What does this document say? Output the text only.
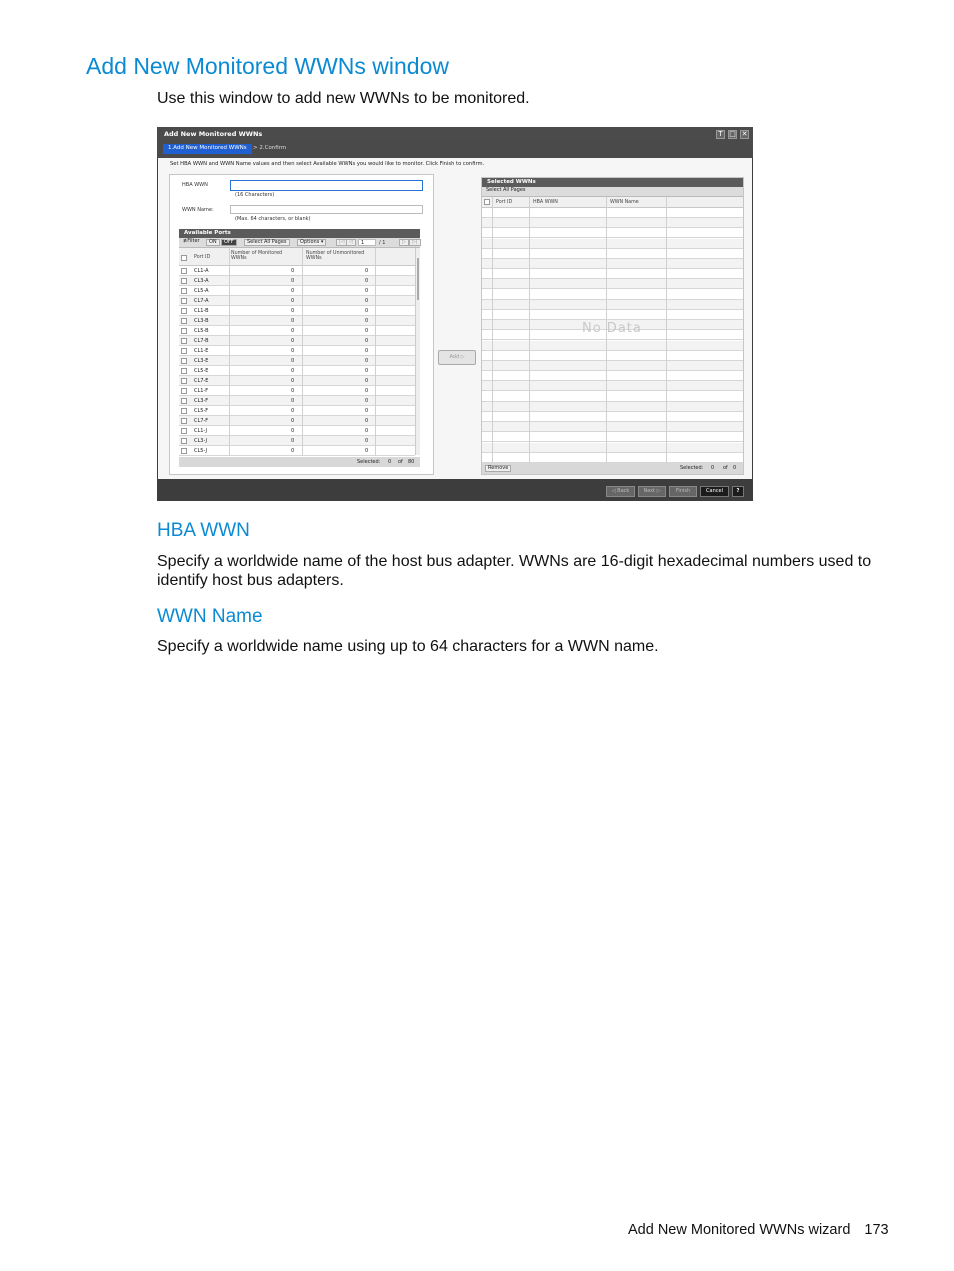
Add New Monitored WWNs window
Use this window to add new WWNs to be monitored.
Add New Monitored WWNs	T □ ✕
1.Add New Monitored WWNs	> 2.Confirm
Set HBA WWN and WWN Name values and then select Available WWNs you would like to monitor. Click Finish to confirm.
HBA WWN
(16 Characters)
WWN Name:
(Max. 64 characters, or blank)
Available Ports
≵Filter	ON	OFF	Select All Pages	Options ▾	|◁ ◁	1	/ 1	▷	▷|
Port ID
Number of Monitored WWNs
Number of Unmonitored WWNs
CL1-A	0	0
CL3-A	0	0
CL5-A	0	0
CL7-A	0	0
CL1-B	0	0
CL3-B	0	0
CL5-B	0	0
CL7-B	0	0
CL1-E	0	0
CL3-E	0	0
CL5-E	0	0
CL7-E	0	0
CL1-F	0	0
CL3-F	0	0
CL5-F	0	0
CL7-F	0	0
CL1-J	0	0
CL3-J	0	0
CL5-J	0	0
Selected: 0 of 80
Add ▷
Selected WWNs
Select All Pages
Port ID	HBA WWN	WWN Name
No Data
Remove	Selected: 0 of 0
◁ Back	Next ▷	Finish	Cancel	?
HBA WWN
Specify a worldwide name of the host bus adapter. WWNs are 16-digit hexadecimal numbers used to identify host bus adapters.
WWN Name
Specify a worldwide name using up to 64 characters for a WWN name.
Add New Monitored WWNs wizard 173
